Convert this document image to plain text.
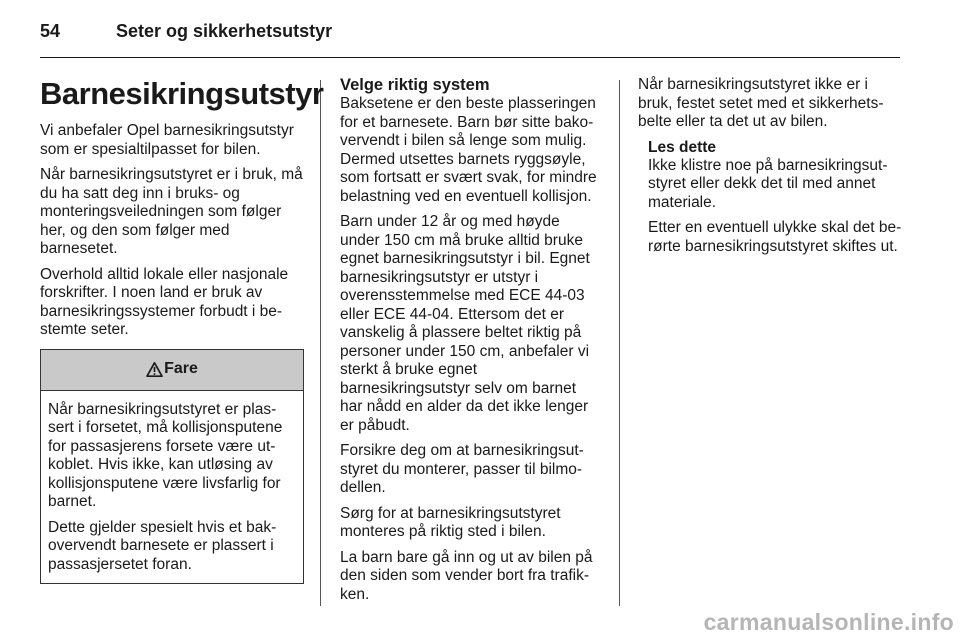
54	Seter og sikkerhetsutstyr
Barnesikringsutstyr

Vi anbefaler Opel barnesikringsutstyr som er spesialtilpasset for bilen.

Når barnesikringsutstyret er i bruk, må du ha satt deg inn i bruks- og monteringsveiledningen som følger her, og den som følger med barnesetet.

Overhold alltid lokale eller nasjonale forskrifter. I noen land er bruk av barnesikringssystemer forbudt i bestemte seter.

Fare

Når barnesikringsutstyret er plassert i forsetet, må kollisjonsputene for passasjerens forsete være utkoblet. Hvis ikke, kan utløsing av kollisjonsputene være livsfarlig for barnet.

Dette gjelder spesielt hvis et bakovervendt barnesete er plassert i passasjersetet foran.

Velge riktig system

Baksetene er den beste plasseringen for et barnesete. Barn bør sitte bakovervendt i bilen så lenge som mulig. Dermed utsettes barnets ryggsøyle, som fortsatt er svært svak, for mindre belastning ved en eventuell kollisjon.

Barn under 12 år og med høyde under 150 cm må bruke alltid bruke egnet barnesikringsutstyr i bil. Egnet barnesikringsutstyr er utstyr i overensstemmelse med ECE 44-03 eller ECE 44-04. Ettersom det er vanskelig å plassere beltet riktig på personer under 150 cm, anbefaler vi sterkt å bruke egnet barnesikringsutstyr selv om barnet har nådd en alder da det ikke lenger er påbudt.

Forsikre deg om at barnesikringsutstyret du monterer, passer til bilmodellen.

Sørg for at barnesikringsutstyret monteres på riktig sted i bilen.

La barn bare gå inn og ut av bilen på den siden som vender bort fra trafikken.

Når barnesikringsutstyret ikke er i bruk, festet setet med et sikkerhetsbelte eller ta det ut av bilen.

Les dette

Ikke klistre noe på barnesikringsutstyret eller dekk det til med annet materiale.

Etter en eventuell ulykke skal det berørte barnesikringsutstyret skiftes ut.

carmanualsonline.info
